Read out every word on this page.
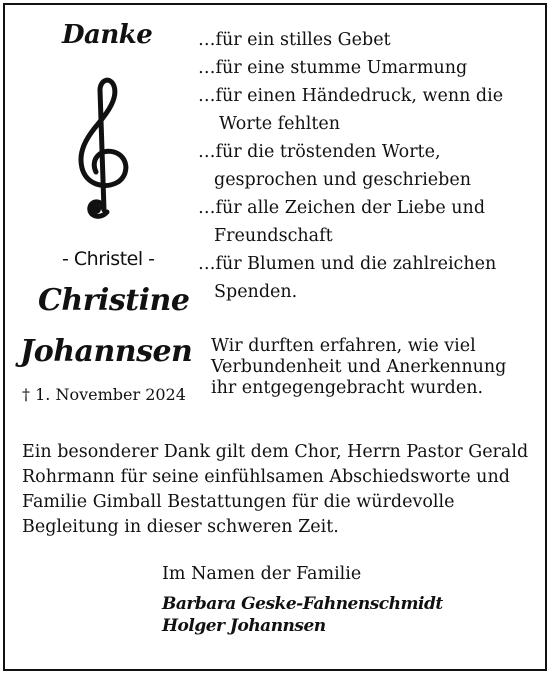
Danke
- Christel -
Christine
Johannsen
† 1. November 2024
…für ein stilles Gebet
…für eine stumme Umarmung
…für einen Händedruck, wenn die
Worte fehlten
…für die tröstenden Worte,
gesprochen und geschrieben
…für alle Zeichen der Liebe und
Freundschaft
…für Blumen und die zahlreichen
Spenden.
Wir durften erfahren, wie viel
Verbundenheit und Anerkennung
ihr entgegengebracht wurden.
Ein besonderer Dank gilt dem Chor, Herrn Pastor Gerald
Rohrmann für seine einfühlsamen Abschiedsworte und
Familie Gimball Bestattungen für die würdevolle
Begleitung in dieser schweren Zeit.
Im Namen der Familie
Barbara Geske-Fahnenschmidt
Holger Johannsen
